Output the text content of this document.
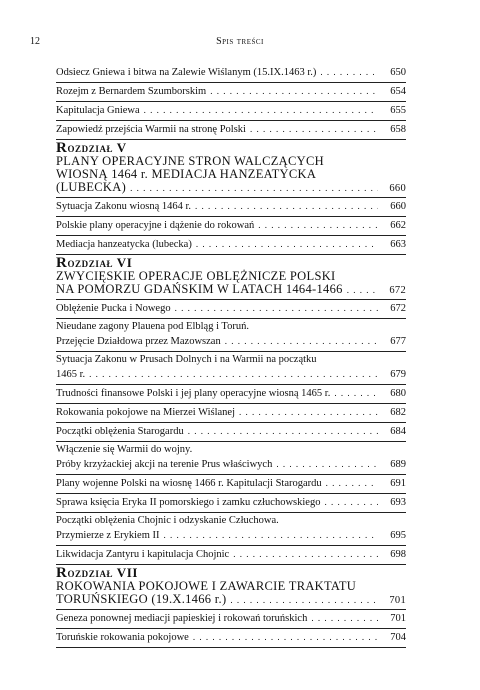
12	Spis treści
Odsiecz Gniewa i bitwa na Zalewie Wiślanym (15.IX.1463 r.) . . .	650
Rozejm z Bernardem Szumborskim . . .	654
Kapitulacja Gniewa . . .	655
Zapowiedź przejścia Warmii na stronę Polski . . .	658
Rozdział V
PLANY OPERACYJNE STRON WALCZĄCYCH
WIOSNĄ 1464 r. MEDIACJA HANZEATYCKA
(LUBECKA) . . .	660
Sytuacja Zakonu wiosną 1464 r. . . .	660
Polskie plany operacyjne i dążenie do rokowań . . .	662
Mediacja hanzeatycka (lubecka) . . .	663
Rozdział VI
ZWYCIĘSKIE OPERACJE OBLĘŻNICZE POLSKI
NA POMORZU GDAŃSKIM W LATACH 1464-1466 . . .	672
Oblężenie Pucka i Nowego . . .	672
Nieudane zagony Plauena pod Elbląg i Toruń.
Przejęcie Działdowa przez Mazowszan . . .	677
Sytuacja Zakonu w Prusach Dolnych i na Warmii na początku
1465 r. . . .	679
Trudności finansowe Polski i jej plany operacyjne wiosną 1465 r. . . .	680
Rokowania pokojowe na Mierzei Wiślanej . . .	682
Początki oblężenia Starogardu . . .	684
Włączenie się Warmii do wojny.
Próby krzyżackiej akcji na terenie Prus właściwych . . .	689
Plany wojenne Polski na wiosnę 1466 r. Kapitulacji Starogardu . . .	691
Sprawa księcia Eryka II pomorskiego i zamku człuchowskiego . . .	693
Początki oblężenia Chojnic i odzyskanie Człuchowa.
Przymierze z Erykiem II . . .	695
Likwidacja Zantyru i kapitulacja Chojnic . . .	698
Rozdział VII
ROKOWANIA POKOJOWE I ZAWARCIE TRAKTATU
TORUŃSKIEGO (19.X.1466 r.) . . .	701
Geneza ponownej mediacji papieskiej i rokowań toruńskich . . .	701
Toruńskie rokowania pokojowe . . .	704
